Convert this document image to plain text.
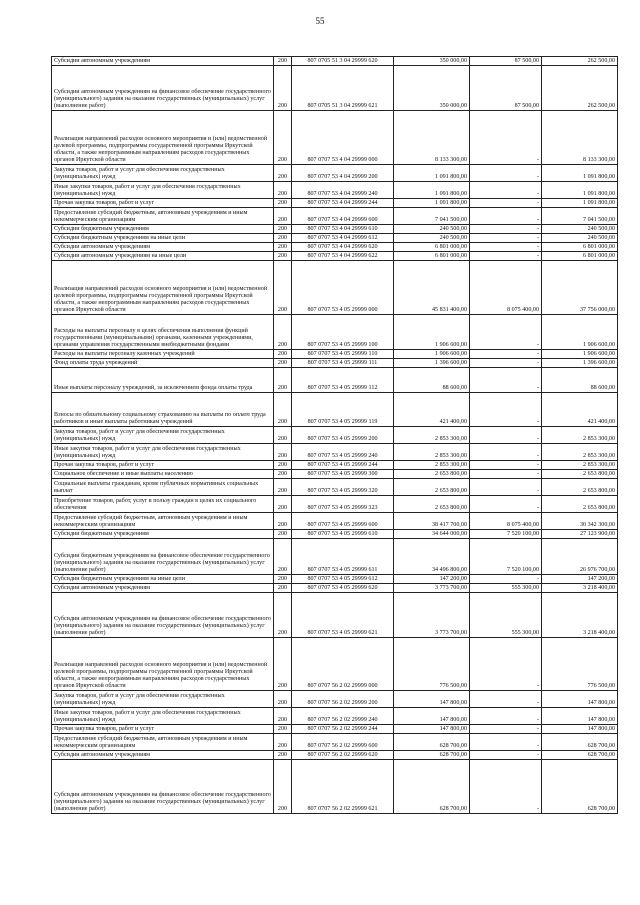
55
Субсидии автономным учреждениям	200	807 0705 51 3 04 29999 620	350 000,00	87 500,00	262 500,00
Субсидии автономным учреждениям на финансовое обеспечение государственного (муниципального) задания на оказание государственных (муниципальных) услуг (выполнение работ)	200	807 0705 51 3 04 29999 621	350 000,00	87 500,00	262 500,00
Реализация направлений расходов основного мероприятия и (или) ведомственной целевой программы, подпрограммы государственной программы Иркутской области, а также непрограммным направлениям расходов государственных органов Иркутской области	200	807 0707 53 4 04 29999 000	8 133 300,00	-	8 133 300,00
Закупка товаров, работ и услуг для обеспечения государственных (муниципальных) нужд	200	807 0707 53 4 04 29999 200	1 091 800,00	-	1 091 800,00
Иные закупки товаров, работ и услуг для обеспечения государственных (муниципальных) нужд	200	807 0707 53 4 04 29999 240	1 091 800,00	-	1 091 800,00
Прочая закупка товаров, работ и услуг	200	807 0707 53 4 04 29999 244	1 091 800,00	-	1 091 800,00
Предоставление субсидий бюджетным, автономным учреждениям и иным некоммерческим организациям	200	807 0707 53 4 04 29999 600	7 041 500,00	-	7 041 500,00
Субсидии бюджетным учреждениям	200	807 0707 53 4 04 29999 610	240 500,00	-	240 500,00
Субсидии бюджетным учреждениям на иные цели	200	807 0707 53 4 04 29999 612	240 500,00	-	240 500,00
Субсидии автономным учреждениям	200	807 0707 53 4 04 29999 620	6 801 000,00	-	6 801 000,00
Субсидии автономным учреждениям на иные цели	200	807 0707 53 4 04 29999 622	6 801 000,00	-	6 801 000,00
Реализация направлений расходов основного мероприятия и (или) ведомственной целевой программы, подпрограммы государственной программы Иркутской области, а также непрограммным направлениям расходов государственных органов Иркутской области	200	807 0707 53 4 05 29999 000	45 831 400,00	8 075 400,00	37 756 000,00
Расходы на выплаты персоналу в целях обеспечения выполнения функций государственными (муниципальными) органами, казенными учреждениями, органами управления государственными внебюджетными фондами	200	807 0707 53 4 05 29999 100	1 906 600,00	-	1 906 600,00
Расходы на выплаты персоналу казенных учреждений	200	807 0707 53 4 05 29999 110	1 906 600,00	-	1 906 600,00
Фонд оплаты труда учреждений	200	807 0707 53 4 05 29999 111	1 396 600,00	-	1 396 600,00
Иные выплаты персоналу учреждений, за исключением фонда оплаты труда	200	807 0707 53 4 05 29999 112	88 600,00	-	88 600,00
Взносы по обязательному социальному страхованию на выплаты по оплате труда работников и иные выплаты работникам учреждений	200	807 0707 53 4 05 29999 119	421 400,00	-	421 400,00
Закупка товаров, работ и услуг для обеспечения государственных (муниципальных) нужд	200	807 0707 53 4 05 29999 200	2 853 300,00	-	2 853 300,00
Иные закупки товаров, работ и услуг для обеспечения государственных (муниципальных) нужд	200	807 0707 53 4 05 29999 240	2 853 300,00	-	2 853 300,00
Прочая закупка товаров, работ и услуг	200	807 0707 53 4 05 29999 244	2 853 300,00	-	2 853 300,00
Социальное обеспечение и иные выплаты населению	200	807 0707 53 4 05 29999 300	2 653 800,00	-	2 653 800,00
Социальные выплаты гражданам, кроме публичных нормативных социальных выплат	200	807 0707 53 4 05 29999 320	2 653 800,00	-	2 653 800,00
Приобретение товаров, работ, услуг в пользу граждан в целях их социального обеспечения	200	807 0707 53 4 05 29999 323	2 653 800,00	-	2 653 800,00
Предоставление субсидий бюджетным, автономным учреждениям и иным некоммерческим организациям	200	807 0707 53 4 05 29999 600	38 417 700,00	8 075 400,00	30 342 300,00
Субсидии бюджетным учреждениям	200	807 0707 53 4 05 29999 610	34 644 000,00	7 520 100,00	27 123 900,00
Субсидии бюджетным учреждениям на финансовое обеспечение государственного (муниципального) задания на оказание государственных (муниципальных) услуг (выполнение работ)	200	807 0707 53 4 05 29999 611	34 496 800,00	7 520 100,00	26 976 700,00
Субсидии бюджетным учреждениям на иные цели	200	807 0707 53 4 05 29999 612	147 200,00	-	147 200,00
Субсидии автономным учреждениям	200	807 0707 53 4 05 29999 620	3 773 700,00	555 300,00	3 218 400,00
Субсидии автономным учреждениям на финансовое обеспечение государственного (муниципального) задания на оказание государственных (муниципальных) услуг (выполнение работ)	200	807 0707 53 4 05 29999 621	3 773 700,00	555 300,00	3 218 400,00
Реализация направлений расходов основного мероприятия и (или) ведомственной целевой программы, подпрограммы государственной программы Иркутской области, а также непрограммным направлениям расходов государственных органов Иркутской области	200	807 0707 56 2 02 29999 000	776 500,00	-	776 500,00
Закупка товаров, работ и услуг для обеспечения государственных (муниципальных) нужд	200	807 0707 56 2 02 29999 200	147 800,00	-	147 800,00
Иные закупки товаров, работ и услуг для обеспечения государственных (муниципальных) нужд	200	807 0707 56 2 02 29999 240	147 800,00	-	147 800,00
Прочая закупка товаров, работ и услуг	200	807 0707 56 2 02 29999 244	147 800,00	-	147 800,00
Предоставление субсидий бюджетным, автономным учреждениям и иным некоммерческим организациям	200	807 0707 56 2 02 29999 600	628 700,00	-	628 700,00
Субсидии автономным учреждениям	200	807 0707 56 2 02 29999 620	628 700,00	-	628 700,00
Субсидии автономным учреждениям на финансовое обеспечение государственного (муниципального) задания на оказание государственных (муниципальных) услуг (выполнение работ)	200	807 0707 56 2 02 29999 621	628 700,00	-	628 700,00
